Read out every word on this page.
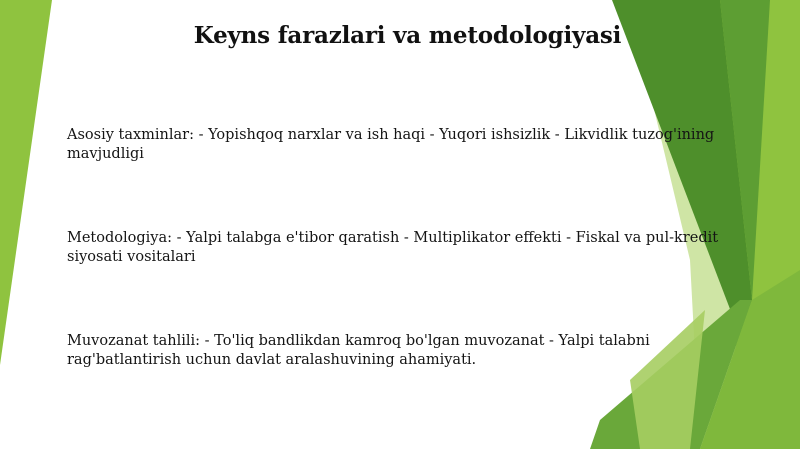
Keyns farazlari va metodologiyasi

Asosiy taxminlar: - Yopishqoq narxlar va ish haqi - Yuqori ishsizlik - Likvidlik tuzog'ining mavjudligi

Metodologiya: - Yalpi talabga e'tibor qaratish - Multiplikator effekti - Fiskal va pul-kredit siyosati vositalari

Muvozanat tahlili: - To'liq bandlikdan kamroq bo'lgan muvozanat - Yalpi talabni rag'batlantirish uchun davlat aralashuvining ahamiyati.
